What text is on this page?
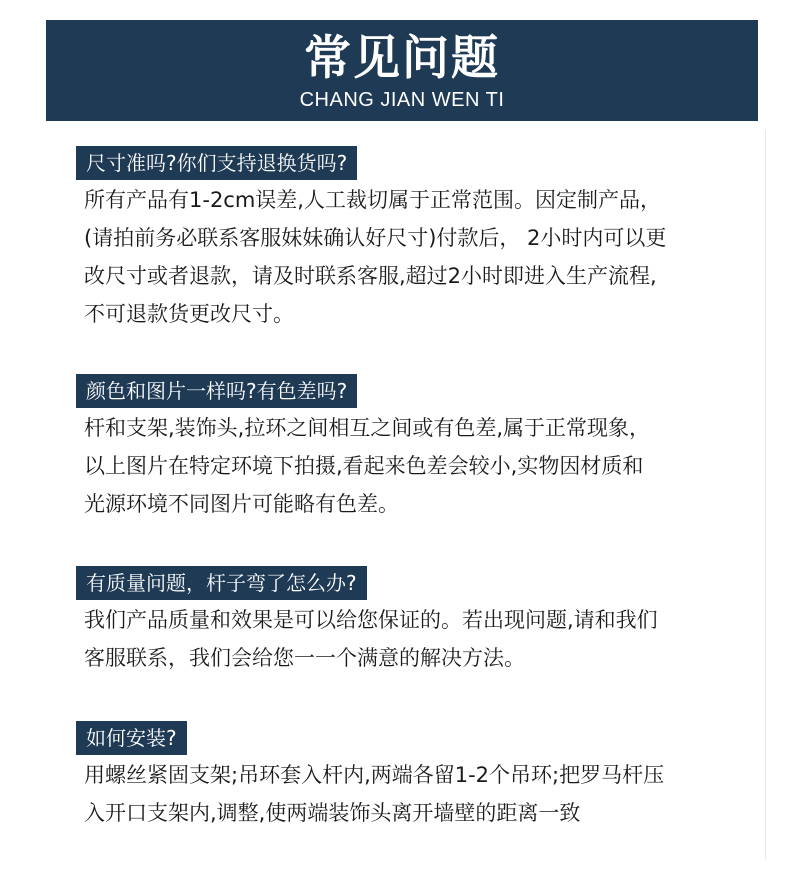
常见问题
CHANG JIAN WEN TI
尺寸准吗?你们支持退换货吗?
所有产品有1-2cm误差,人工裁切属于正常范围。因定制产品，
(请拍前务必联系客服妹妹确认好尺寸)付款后， 2小时内可以更
改尺寸或者退款，请及时联系客服,超过2小时即进入生产流程,
不可退款货更改尺寸。
颜色和图片一样吗?有色差吗?
杆和支架,装饰头,拉环之间相互之间或有色差,属于正常现象，
以上图片在特定环境下拍摄,看起来色差会较小,实物因材质和
光源环境不同图片可能略有色差。
有质量问题，杆子弯了怎么办?
我们产品质量和效果是可以给您保证的。若出现问题,请和我们
客服联系，我们会给您一一个满意的解决方法。
如何安装?
用螺丝紧固支架;吊环套入杆内,两端各留1-2个吊环;把罗马杆压
入开口支架内,调整,使两端装饰头离开墙壁的距离一致
